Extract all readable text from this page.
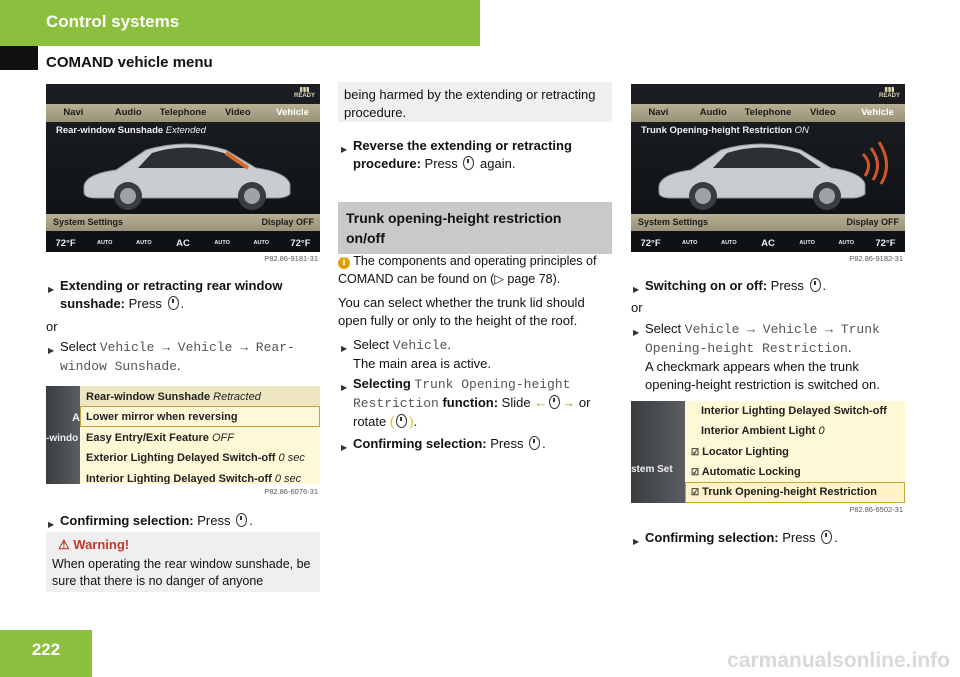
Control systems
COMAND vehicle menu
▮▮▮
READY
Navi	Audio	Telephone	Video	Vehicle
Rear-window Sunshade Extended
System Settings	Display OFF
72°F	AUTO	AUTO	AC	AUTO	AUTO	72°F
P82.86-9181-31
▶ Extending or retracting rear window sunshade: Press .
or
▶ Select Vehicle → Vehicle → Rear-window Sunshade.
A
-windo
Rear-window Sunshade Retracted
Lower mirror when reversing
Easy Entry/Exit Feature OFF
Exterior Lighting Delayed Switch-off 0 sec
Interior Lighting Delayed Switch-off 0 sec
P82.86-6076-31
▶ Confirming selection: Press .
⚠ Warning!
When operating the rear window sunshade, be sure that there is no danger of anyone
being harmed by the extending or retracting procedure.
▶ Reverse the extending or retracting procedure: Press again.
Trunk opening-height restriction on/off
i The components and operating principles of COMAND can be found on (▷ page 78).
You can select whether the trunk lid should open fully or only to the height of the roof.
▶ Select Vehicle.
The main area is active.
▶ Selecting Trunk Opening-height Restriction function: Slide ← → or
rotate ( ).
▶ Confirming selection: Press .
▮▮▮
READY
Navi	Audio	Telephone	Video	Vehicle
Trunk Opening-height Restriction ON
System Settings	Display OFF
72°F	AUTO	AUTO	AC	AUTO	AUTO	72°F
P82.86-9182-31
▶ Switching on or off: Press .
or
▶ Select Vehicle → Vehicle → Trunk Opening-height Restriction.
A checkmark appears when the trunk opening-height restriction is switched on.
stem Set
Interior Lighting Delayed Switch-off
Interior Ambient Light 0
☑ Locator Lighting
☑ Automatic Locking
☑ Trunk Opening-height Restriction
P82.86-6502-31
▶ Confirming selection: Press .
222	carmanualsonline.info
